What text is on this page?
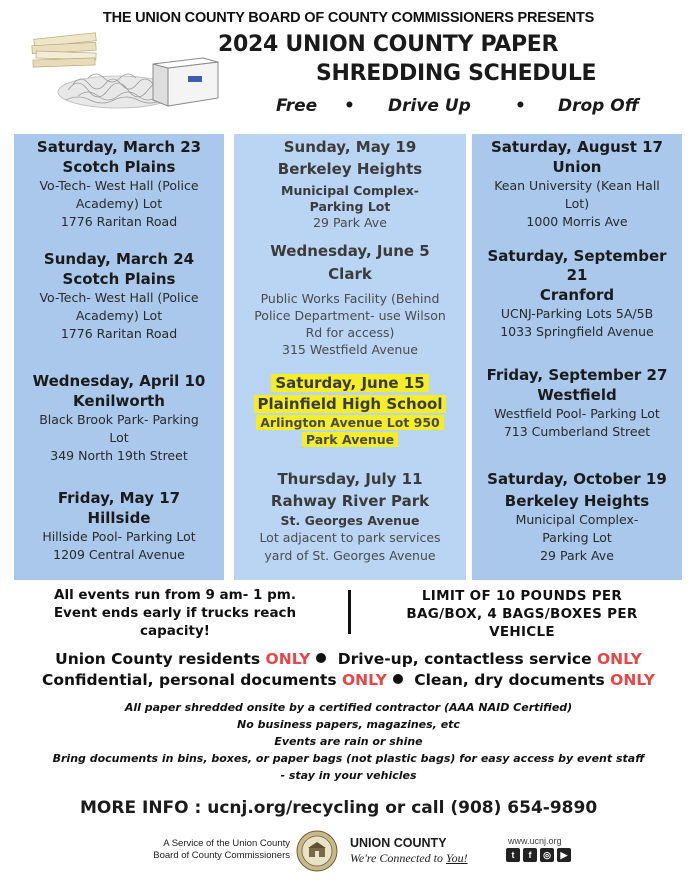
THE UNION COUNTY BOARD OF COUNTY COMMISSIONERS PRESENTS
2024 UNION COUNTY PAPER
SHREDDING SCHEDULE
Free • Drive Up	• Drop Off
Saturday, March 23
Scotch Plains
Vo-Tech- West Hall (Police
Academy) Lot
1776 Raritan Road
Sunday, March 24
Scotch Plains
Vo-Tech- West Hall (Police
Academy) Lot
1776 Raritan Road
Wednesday, April 10
Kenilworth
Black Brook Park- Parking
Lot
349 North 19th Street
Friday, May 17
Hillside
Hillside Pool- Parking Lot
1209 Central Avenue
Sunday, May 19
Berkeley Heights
Municipal Complex-
Parking Lot
29 Park Ave
Wednesday, June 5
Clark
Public Works Facility (Behind
Police Department- use Wilson
Rd for access)
315 Westfield Avenue
Saturday, June 15
Plainfield High School
Arlington Avenue Lot 950
Park Avenue
Thursday, July 11
Rahway River Park
St. Georges Avenue
Lot adjacent to park services
yard of St. Georges Avenue
Saturday, August 17
Union
Kean University (Kean Hall
Lot)
1000 Morris Ave
Saturday, September
21
Cranford
UCNJ-Parking Lots 5A/5B
1033 Springfield Avenue
Friday, September 27
Westfield
Westfield Pool- Parking Lot
713 Cumberland Street
Saturday, October 19
Berkeley Heights
Municipal Complex-
Parking Lot
29 Park Ave
All events run from 9 am- 1 pm.
Event ends early if trucks reach
capacity!
LIMIT OF 10 POUNDS PER
BAG/BOX, 4 BAGS/BOXES PER
VEHICLE
Union County residents ONLY Drive-up, contactless service ONLY
Confidential, personal documents ONLY Clean, dry documents ONLY
All paper shredded onsite by a certified contractor (AAA NAID Certified)
No business papers, magazines, etc
Events are rain or shine
Bring documents in bins, boxes, or paper bags (not plastic bags) for easy access by event staff
- stay in your vehicles
MORE INFO : ucnj.org/recycling or call (908) 654-9890
A Service of the Union County
Board of County Commissioners
UNION COUNTY
We're Connected to You!
www.ucnj.org
t	f	◎	▶
